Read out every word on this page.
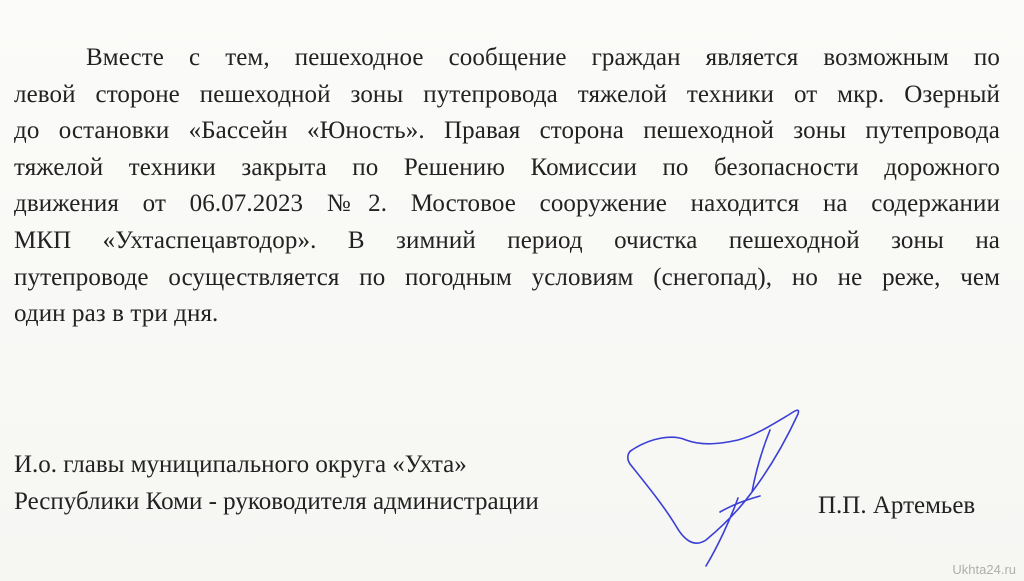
Вместе с тем, пешеходное сообщение граждан является возможным по
левой стороне пешеходной зоны путепровода тяжелой техники от мкр. Озерный
до остановки «Бассейн «Юность». Правая сторона пешеходной зоны путепровода
тяжелой техники закрыта по Решению Комиссии по безопасности дорожного
движения от 06.07.2023 №2. Мостовое сооружение находится на содержании
МКП «Ухтаспецавтодор». В зимний период очистка пешеходной зоны на
путепроводе осуществляется по погодным условиям (снегопад), но не реже, чем
один раз в три дня.
И.о. главы муниципального округа «Ухта»
Республики Коми - руководителя администрации	П.П. Артемьев
Ukhta24.ru
